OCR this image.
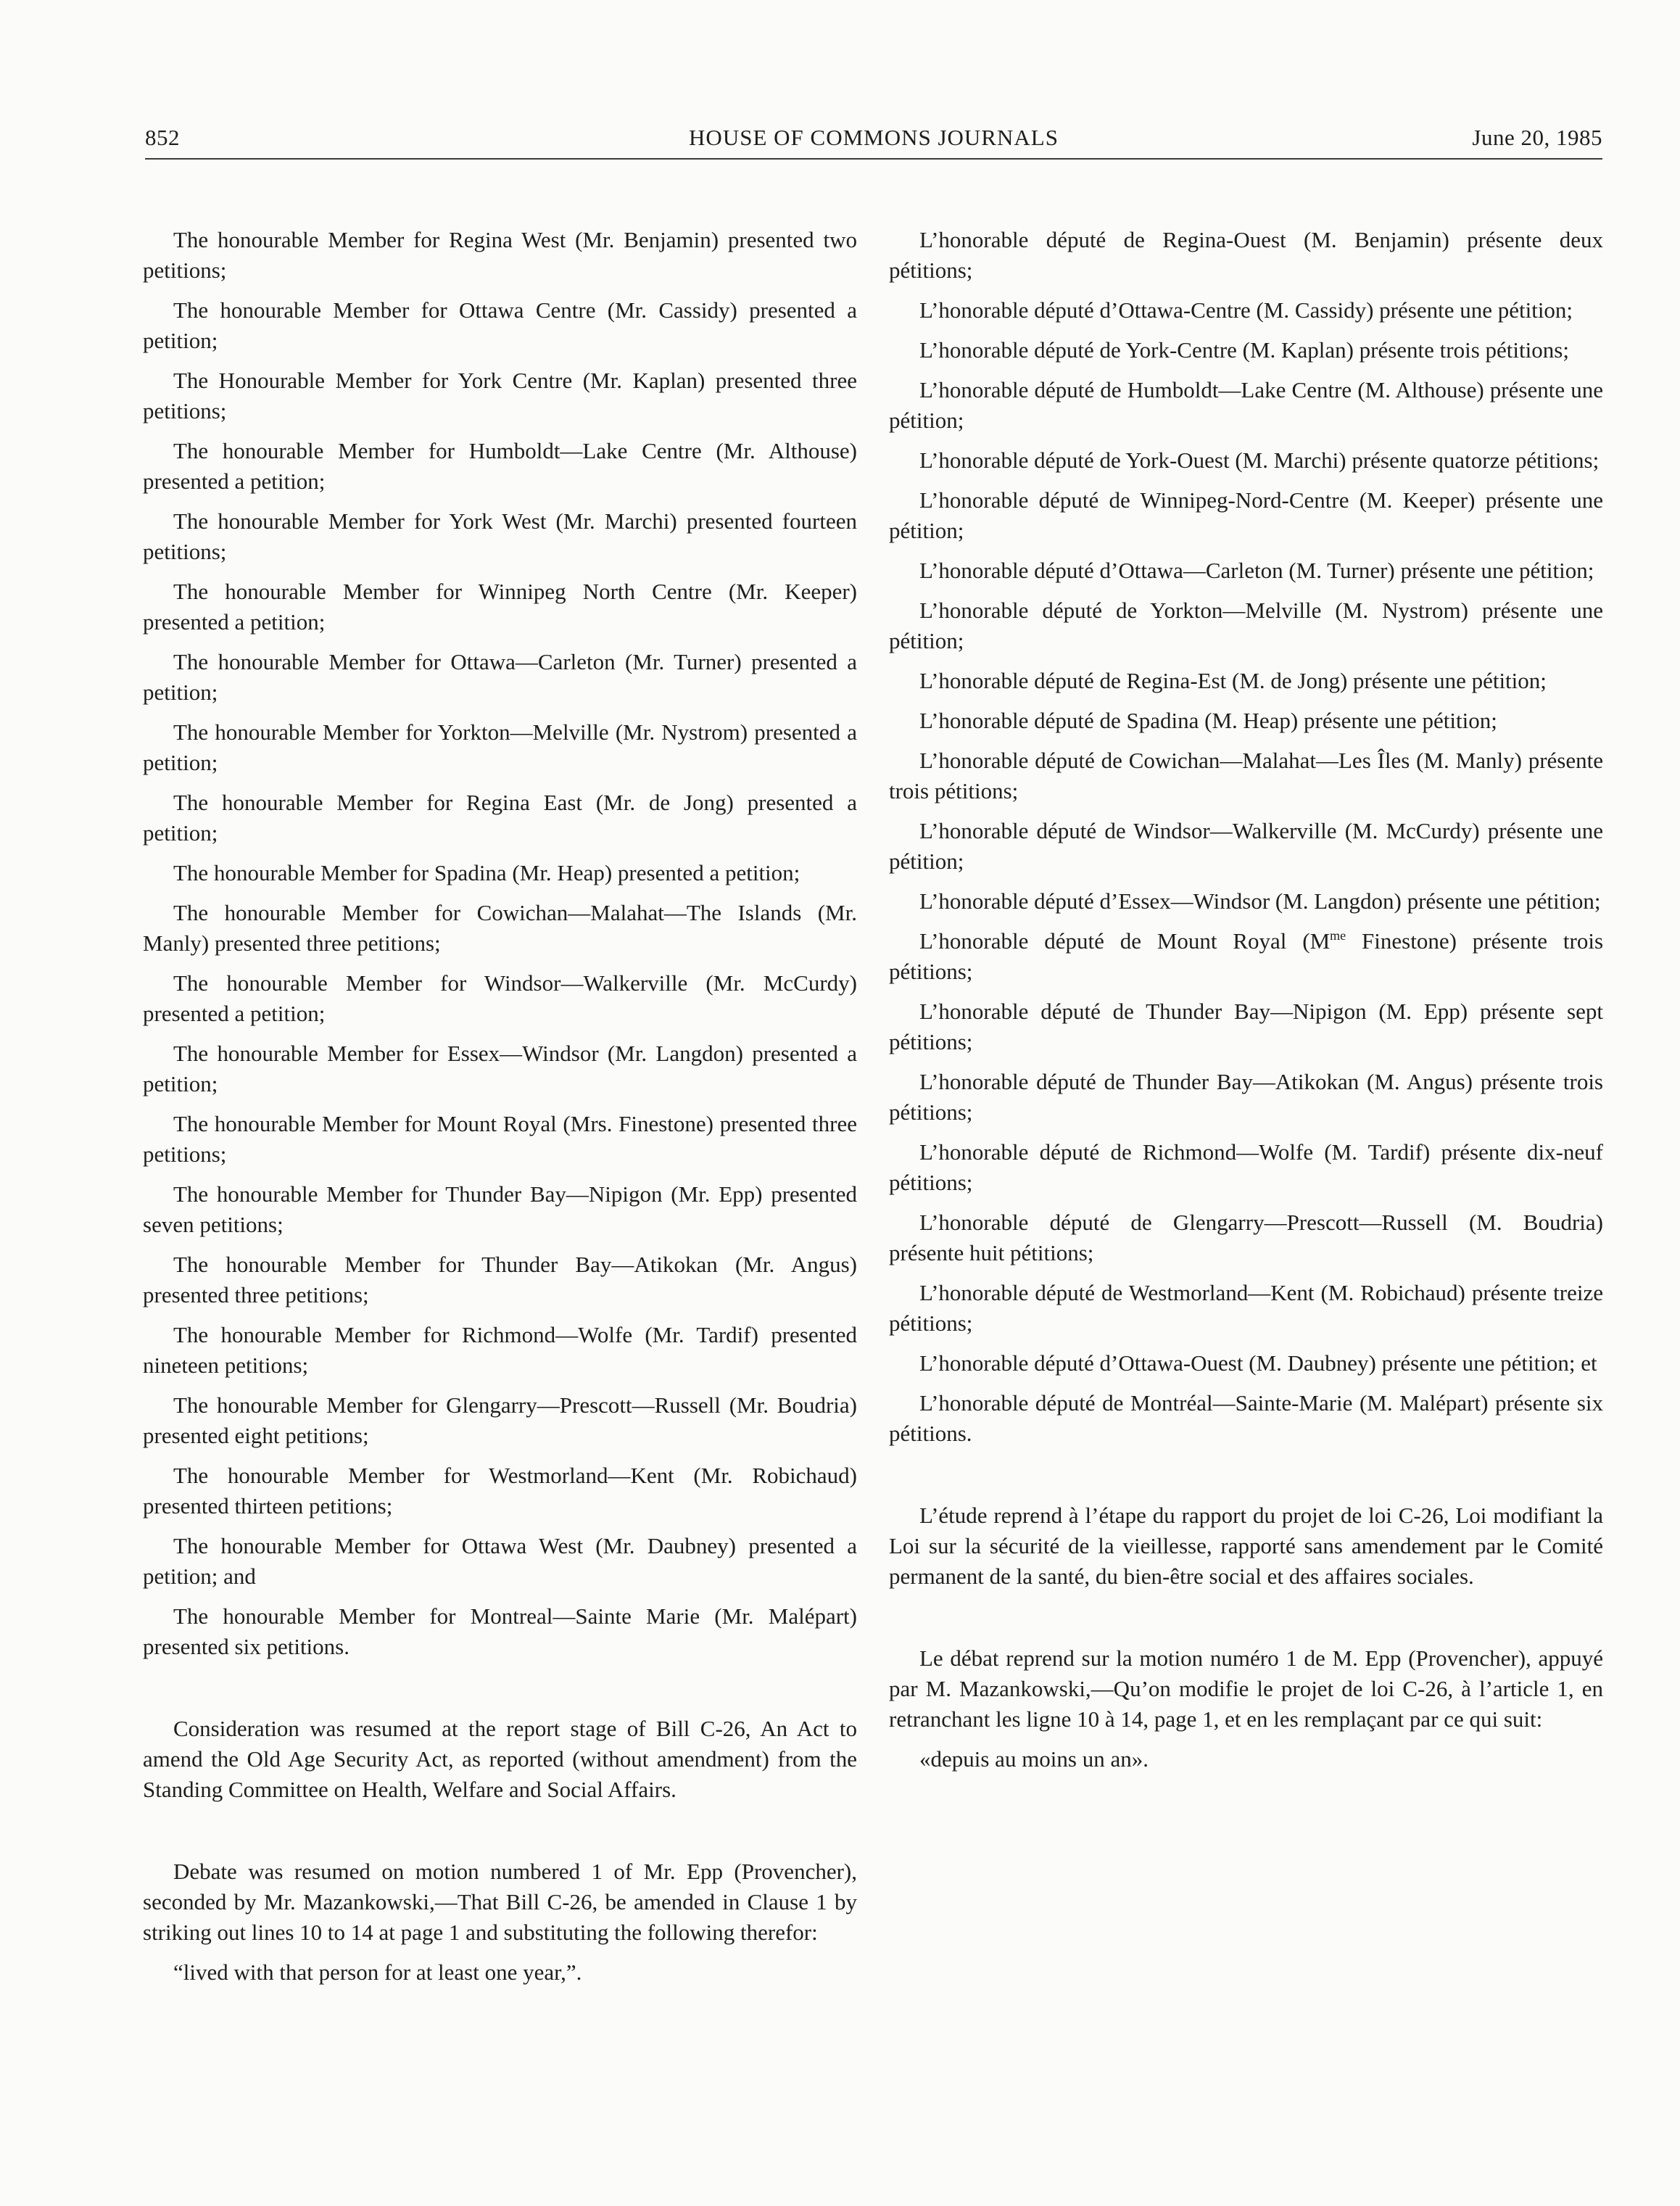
852	HOUSE OF COMMONS JOURNALS	June 20, 1985

The honourable Member for Regina West (Mr. Benjamin) presented two petitions;

The honourable Member for Ottawa Centre (Mr. Cassidy) presented a petition;

The Honourable Member for York Centre (Mr. Kaplan) presented three petitions;

The honourable Member for Humboldt—Lake Centre (Mr. Althouse) presented a petition;

The honourable Member for York West (Mr. Marchi) presented fourteen petitions;

The honourable Member for Winnipeg North Centre (Mr. Keeper) presented a petition;

The honourable Member for Ottawa—Carleton (Mr. Turner) presented a petition;

The honourable Member for Yorkton—Melville (Mr. Nystrom) presented a petition;

The honourable Member for Regina East (Mr. de Jong) presented a petition;

The honourable Member for Spadina (Mr. Heap) presented a petition;

The honourable Member for Cowichan—Malahat—The Islands (Mr. Manly) presented three petitions;

The honourable Member for Windsor—Walkerville (Mr. McCurdy) presented a petition;

The honourable Member for Essex—Windsor (Mr. Langdon) presented a petition;

The honourable Member for Mount Royal (Mrs. Finestone) presented three petitions;

The honourable Member for Thunder Bay—Nipigon (Mr. Epp) presented seven petitions;

The honourable Member for Thunder Bay—Atikokan (Mr. Angus) presented three petitions;

The honourable Member for Richmond—Wolfe (Mr. Tardif) presented nineteen petitions;

The honourable Member for Glengarry—Prescott—Russell (Mr. Boudria) presented eight petitions;

The honourable Member for Westmorland—Kent (Mr. Robichaud) presented thirteen petitions;

The honourable Member for Ottawa West (Mr. Daubney) presented a petition; and

The honourable Member for Montreal—Sainte Marie (Mr. Malépart) presented six petitions.

Consideration was resumed at the report stage of Bill C-26, An Act to amend the Old Age Security Act, as reported (without amendment) from the Standing Committee on Health, Welfare and Social Affairs.

Debate was resumed on motion numbered 1 of Mr. Epp (Provencher), seconded by Mr. Mazankowski,—That Bill C-26, be amended in Clause 1 by striking out lines 10 to 14 at page 1 and substituting the following therefor:

“lived with that person for at least one year,”.

L’honorable député de Regina-Ouest (M. Benjamin) présente deux pétitions;

L’honorable député d’Ottawa-Centre (M. Cassidy) présente une pétition;

L’honorable député de York-Centre (M. Kaplan) présente trois pétitions;

L’honorable député de Humboldt—Lake Centre (M. Althouse) présente une pétition;

L’honorable député de York-Ouest (M. Marchi) présente quatorze pétitions;

L’honorable député de Winnipeg-Nord-Centre (M. Keeper) présente une pétition;

L’honorable député d’Ottawa—Carleton (M. Turner) présente une pétition;

L’honorable député de Yorkton—Melville (M. Nystrom) présente une pétition;

L’honorable député de Regina-Est (M. de Jong) présente une pétition;

L’honorable député de Spadina (M. Heap) présente une pétition;

L’honorable député de Cowichan—Malahat—Les Îles (M. Manly) présente trois pétitions;

L’honorable député de Windsor—Walkerville (M. McCurdy) présente une pétition;

L’honorable député d’Essex—Windsor (M. Langdon) présente une pétition;

L’honorable député de Mount Royal ($M^{me}$ Finestone) présente trois pétitions;

L’honorable député de Thunder Bay—Nipigon (M. Epp) présente sept pétitions;

L’honorable député de Thunder Bay—Atikokan (M. Angus) présente trois pétitions;

L’honorable député de Richmond—Wolfe (M. Tardif) présente dix-neuf pétitions;

L’honorable député de Glengarry—Prescott—Russell (M. Boudria) présente huit pétitions;

L’honorable député de Westmorland—Kent (M. Robichaud) présente treize pétitions;

L’honorable député d’Ottawa-Ouest (M. Daubney) présente une pétition; et

L’honorable député de Montréal—Sainte-Marie (M. Malépart) présente six pétitions.

L’étude reprend à l’étape du rapport du projet de loi C-26, Loi modifiant la Loi sur la sécurité de la vieillesse, rapporté sans amendement par le Comité permanent de la santé, du bien-être social et des affaires sociales.

Le débat reprend sur la motion numéro 1 de M. Epp (Provencher), appuyé par M. Mazankowski,—Qu’on modifie le projet de loi C-26, à l’article 1, en retranchant les ligne 10 à 14, page 1, et en les remplaçant par ce qui suit:

«depuis au moins un an».
